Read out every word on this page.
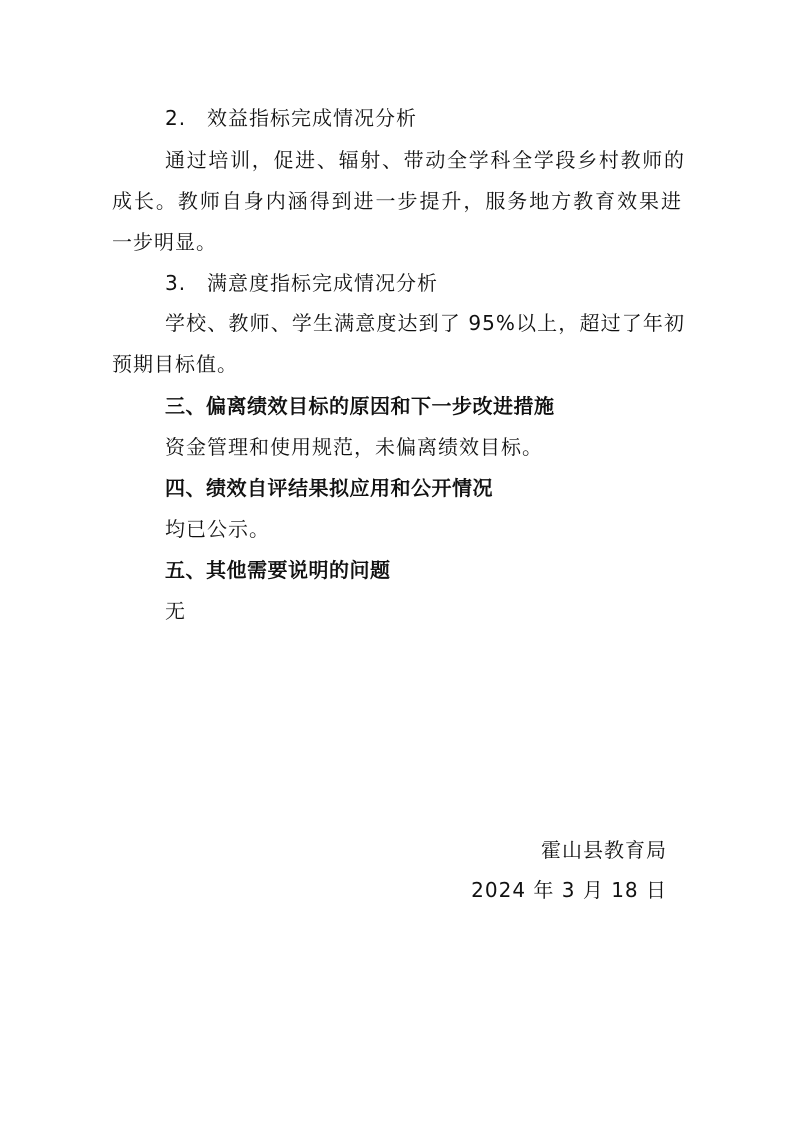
2. 效益指标完成情况分析
通过培训，促进、辐射、带动全学科全学段乡村教师的
成长。教师自身内涵得到进一步提升，服务地方教育效果进
一步明显。
3. 满意度指标完成情况分析
学校、教师、学生满意度达到了 95%以上，超过了年初
预期目标值。
三、偏离绩效目标的原因和下一步改进措施
资金管理和使用规范，未偏离绩效目标。
四、绩效自评结果拟应用和公开情况
均已公示。
五、其他需要说明的问题
无
霍山县教育局
2024 年 3 月 18 日
